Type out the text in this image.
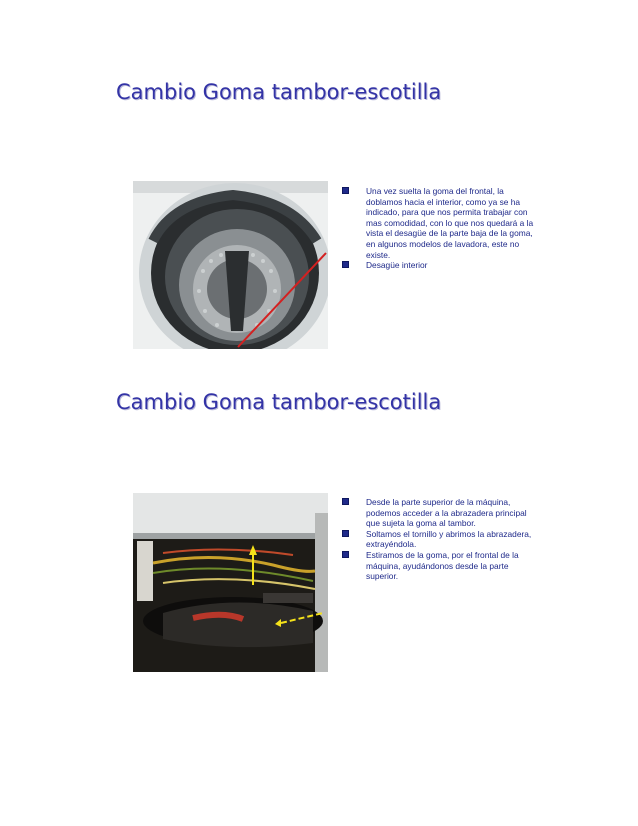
Cambio Goma tambor-escotilla
Una vez suelta la goma del frontal, la doblamos hacia el interior, como ya se ha indicado, para que nos permita trabajar con mas comodidad, con lo que nos quedará a la vista el desagüe de la parte baja de la goma, en algunos modelos de lavadora, este no existe.
Desagüe interior
Cambio Goma tambor-escotilla
Desde la parte superior de la máquina, podemos acceder a la abrazadera principal que sujeta la goma al tambor.
Soltamos el tornillo y abrimos la abrazadera, extrayéndola.
Estiramos de la goma, por el frontal de la máquina, ayudándonos desde la parte superior.
